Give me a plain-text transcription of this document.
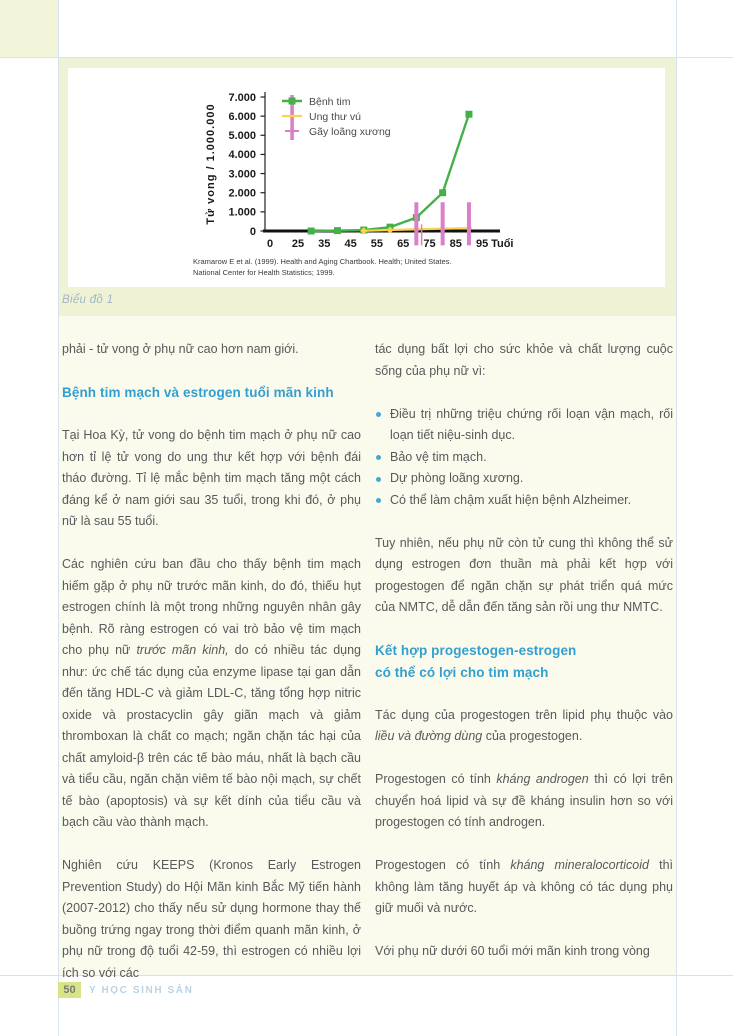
0
1.000
2.000
3.000
4.000
5.000
6.000
7.000
0 25 35 45 55 65 75 85 95 Tuổi
Tử vong / 1.000.000
Bệnh tim
Ung thư vú
Gãy loãng xương
Kramarow E et al. (1999). Health and Aging Chartbook. Health; United States.
National Center for Health Statistics; 1999.
Biểu đồ 1

phải - tử vong ở phụ nữ cao hơn nam giới.

Bệnh tim mạch và estrogen tuổi mãn kinh

Tại Hoa Kỳ, tử vong do bệnh tim mạch ở phụ nữ cao hơn tỉ lệ tử vong do ung thư kết hợp với bệnh đái tháo đường. Tỉ lệ mắc bệnh tim mạch tăng một cách đáng kể ở nam giới sau 35 tuổi, trong khi đó, ở phụ nữ là sau 55 tuổi.

Các nghiên cứu ban đầu cho thấy bệnh tim mạch hiếm gặp ở phụ nữ trước mãn kinh, do đó, thiếu hụt estrogen chính là một trong những nguyên nhân gây bệnh. Rõ ràng estrogen có vai trò bảo vệ tim mạch cho phụ nữ trước mãn kinh, do có nhiều tác dụng như: ức chế tác dụng của enzyme lipase tại gan dẫn đến tăng HDL-C và giảm LDL-C, tăng tổng hợp nitric oxide và prostacyclin gây giãn mạch và giảm thromboxan là chất co mạch; ngăn chặn tác hại của chất amyloid-β trên các tế bào máu, nhất là bạch cầu và tiểu cầu, ngăn chặn viêm tế bào nội mạch, sự chết tế bào (apoptosis) và sự kết dính của tiểu cầu và bạch cầu vào thành mạch.

Nghiên cứu KEEPS (Kronos Early Estrogen Prevention Study) do Hội Mãn kinh Bắc Mỹ tiến hành (2007-2012) cho thấy nếu sử dụng hormone thay thế buồng trứng ngay trong thời điểm quanh mãn kinh, ở phụ nữ trong độ tuổi 42-59, thì estrogen có nhiều lợi ích so với các

tác dụng bất lợi cho sức khỏe và chất lượng cuộc sống của phụ nữ vì:

Điều trị những triệu chứng rối loạn vận mạch, rối loạn tiết niệu-sinh dục.
Bảo vệ tim mạch.
Dự phòng loãng xương.
Có thể làm chậm xuất hiện bệnh Alzheimer.

Tuy nhiên, nếu phụ nữ còn tử cung thì không thể sử dụng estrogen đơn thuần mà phải kết hợp với progestogen để ngăn chặn sự phát triển quá mức của NMTC, dễ dẫn đến tăng sản rồi ung thư NMTC.

Kết hợp progestogen-estrogen
có thể có lợi cho tim mạch

Tác dụng của progestogen trên lipid phụ thuộc vào liều và đường dùng của progestogen.

Progestogen có tính kháng androgen thì có lợi trên chuyển hoá lipid và sự đề kháng insulin hơn so với progestogen có tính androgen.

Progestogen có tính kháng mineralocorticoid thì không làm tăng huyết áp và không có tác dụng phụ giữ muối và nước.

Với phụ nữ dưới 60 tuổi mới mãn kinh trong vòng

50	Y HỌC SINH SẢN
